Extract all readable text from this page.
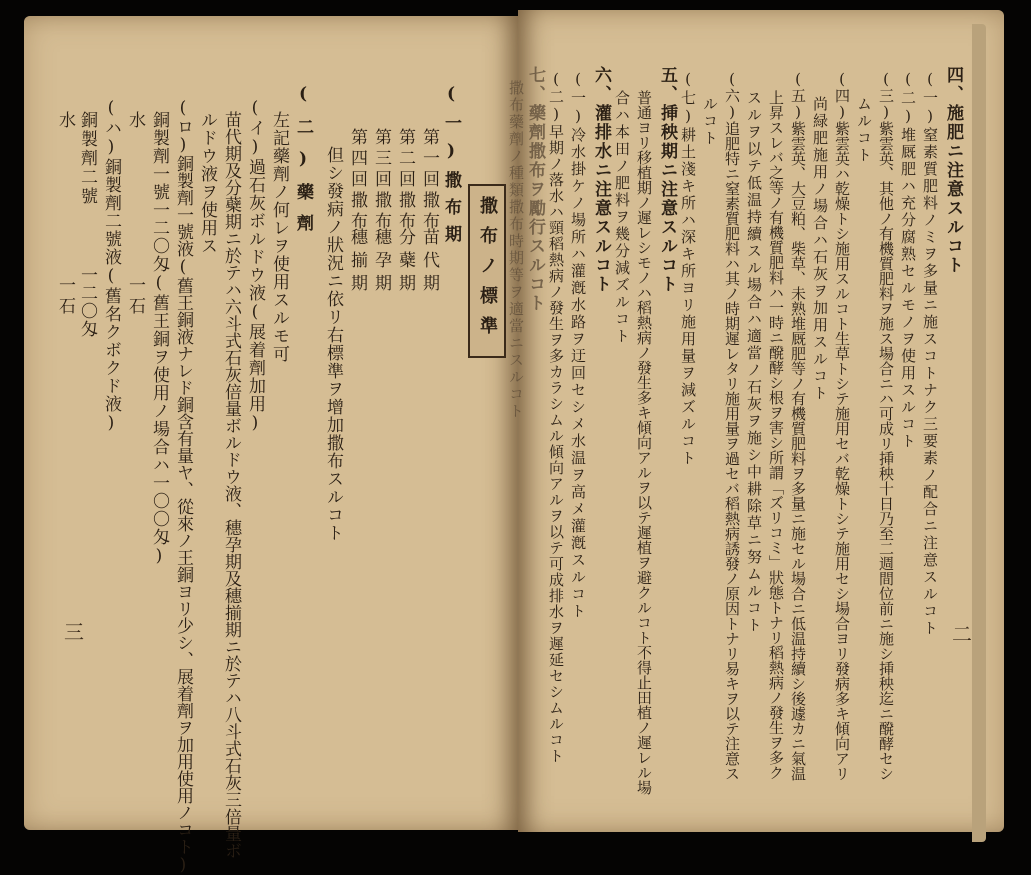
三
(一)撒布期
第一回撒布
苗代期
第二回撒布
分蘗期
第三回撒布
穗孕期
第四回撒布
穗揃期
但シ發病ノ狀況ニ依リ右標準ヲ增加撒布スルコト
(二)藥劑
左記藥劑ノ何レヲ使用スルモ可
(イ)過石灰ボルドウ液(展着劑加用)
苗代期及分蘗期ニ於テハ六斗式石灰倍量ボルドウ液、穗孕期及穗揃期ニ於テハ八斗式石灰三倍量ボ
ルドウ液ヲ使用ス
(ロ)銅製劑一號液(舊王銅液ナレド銅含有量ヤ、從來ノ王銅ヨリ少シ、展着劑ヲ加用使用ノコト)
銅製劑一號一二〇匁(舊王銅ヲ使用ノ場合ハ一〇〇匁)
水
一石
(ハ)銅製劑二號液(舊名クボクド液)
銅製劑二號
一二〇匁
水
一石	撒布ノ標準
二
四、施肥ニ注意スルコト
(一)窒素質肥料ノミヲ多量ニ施スコトナク三要素ノ配合ニ注意スルコト
(二)堆厩肥ハ充分腐熟セルモノヲ使用スルコト
(三)紫雲英、其他ノ有機質肥料ヲ施ス場合ニハ可成リ挿秧十日乃至二週間位前ニ施シ挿秧迄ニ醗酵セシ
ムルコト
(四)紫雲英ハ乾燥トシ施用スルコト生草トシテ施用セバ乾燥トシテ施用セシ場合ヨリ發病多キ傾向アリ
尚緑肥施用ノ場合ハ石灰ヲ加用スルコト
(五)紫雲英、大豆粕、柴草、未熟堆厩肥等ノ有機質肥料ヲ多量ニ施セル場合ニ低温持續シ後遽カニ氣温
上昇スレバ之等ノ有機質肥料ハ一時ニ醗酵シ根ヲ害シ所謂「ズリコミ」狀態トナリ稻熱病ノ發生ヲ多ク
スルヲ以テ低温持續スル場合ハ適當ノ石灰ヲ施シ中耕除草ニ努ムルコト
(六)追肥特ニ窒素質肥料ハ其ノ時期遲レタリ施用量ヲ過セバ稻熱病誘發ノ原因トナリ易キヲ以テ注意ス
ルコト
(七)耕土淺キ所ハ深キ所ヨリ施用量ヲ減ズルコト
五、挿秧期ニ注意スルコト
普通ヨリ移植期ノ遲レシモノハ稻熱病ノ發生多キ傾向アルヲ以テ遲植ヲ避クルコト不得止田植ノ遲レル場
合ハ本田ノ肥料ヲ幾分減ズルコト
六、灌排水ニ注意スルコト
(一)冷水掛ケノ場所ハ灌漑水路ヲ迂回セシメ水温ヲ高メ灌漑スルコト
(二)早期ノ落水ハ頸稻熱病ノ發生ヲ多カラシムル傾向アルヲ以テ可成排水ヲ遲延セシムルコト
七、藥劑撒布ヲ勵行スルコト
撒布藥劑ノ種類撒布時期等ヲ適當ニスルコト
